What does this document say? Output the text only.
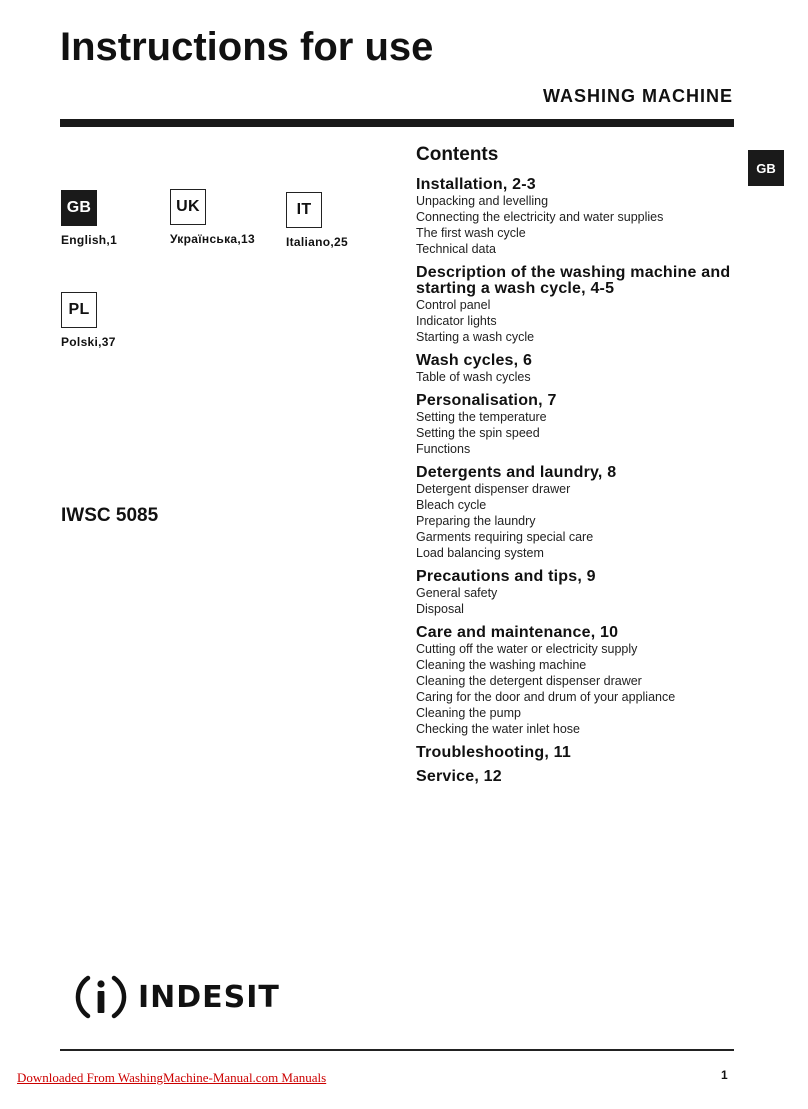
Instructions for use
WASHING MACHINE
GB
GB
English,1
UK
Українська,13
IT
Italiano,25
PL
Polski,37
IWSC 5085
Contents
Installation, 2-3
Unpacking and levelling
Connecting the electricity and water supplies
The first wash cycle
Technical data
Description of the washing machine and starting a wash cycle, 4-5
Control panel
Indicator lights
Starting a wash cycle
Wash cycles, 6
Table of wash cycles
Personalisation, 7
Setting the temperature
Setting the spin speed
Functions
Detergents and laundry, 8
Detergent dispenser drawer
Bleach cycle
Preparing the laundry
Garments requiring special care
Load balancing system
Precautions and tips, 9
General safety
Disposal
Care and maintenance, 10
Cutting off the water or electricity supply
Cleaning the washing machine
Cleaning the detergent dispenser drawer
Caring for the door and drum of your appliance
Cleaning the pump
Checking the water inlet hose
Troubleshooting, 11
Service, 12
INDESIT
Downloaded From WashingMachine-Manual.com Manuals	1
